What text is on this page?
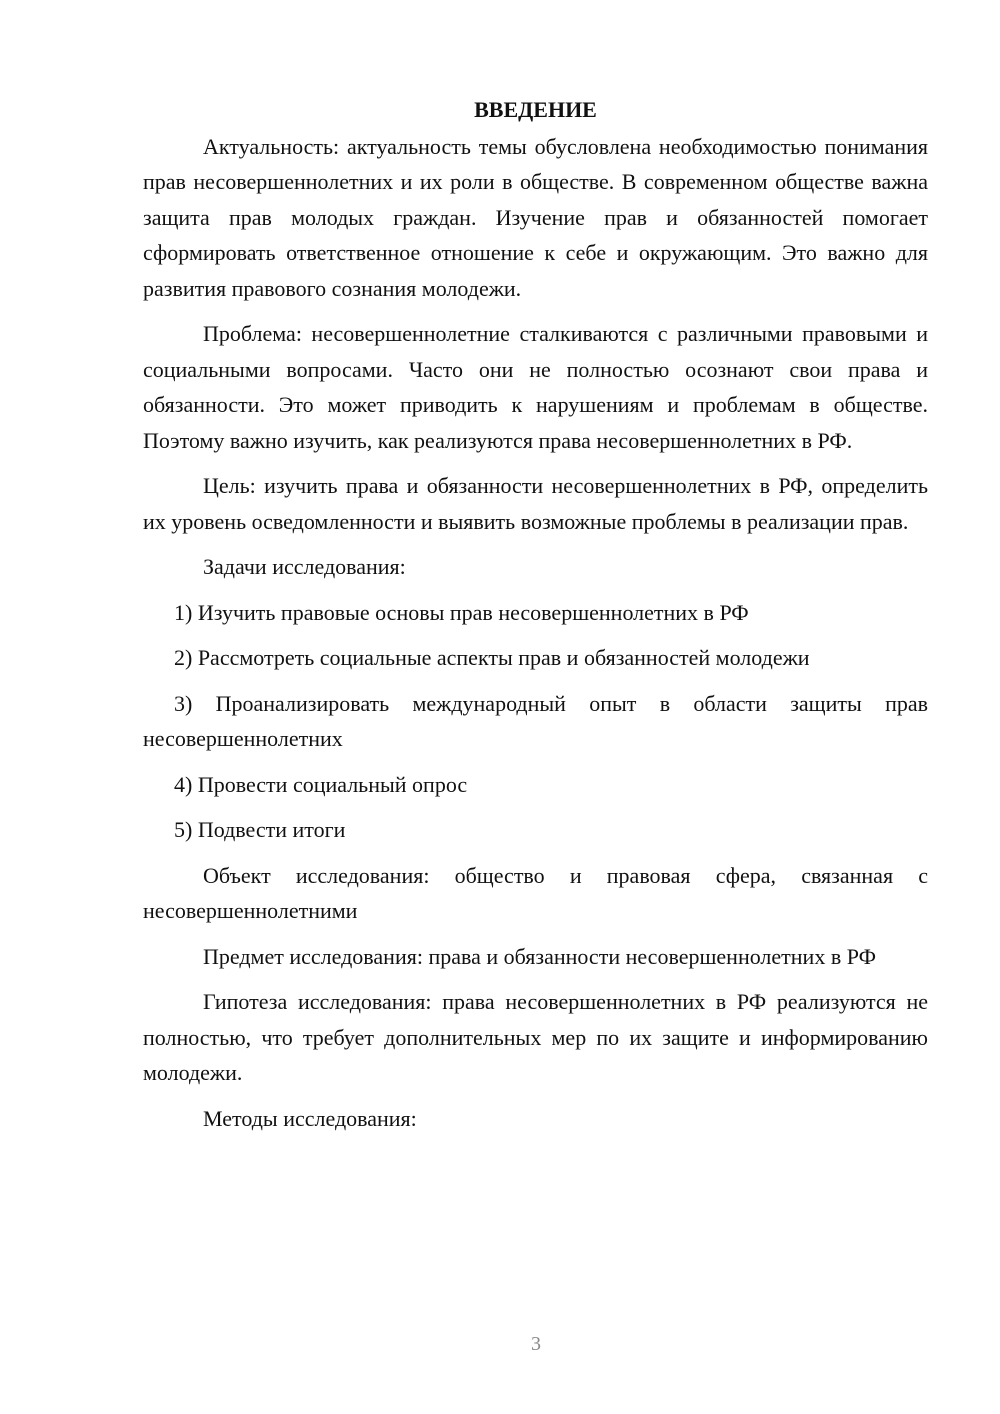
ВВЕДЕНИЕ

Актуальность: актуальность темы обусловлена необходимостью понимания прав несовершеннолетних и их роли в обществе. В современном обществе важна защита прав молодых граждан. Изучение прав и обязанностей помогает сформировать ответственное отношение к себе и окружающим. Это важно для развития правового сознания молодежи.

Проблема: несовершеннолетние сталкиваются с различными правовыми и социальными вопросами. Часто они не полностью осознают свои права и обязанности. Это может приводить к нарушениям и проблемам в обществе. Поэтому важно изучить, как реализуются права несовершеннолетних в РФ.

Цель: изучить права и обязанности несовершеннолетних в РФ, определить их уровень осведомленности и выявить возможные проблемы в реализации прав.

Задачи исследования:

1) Изучить правовые основы прав несовершеннолетних в РФ

2) Рассмотреть социальные аспекты прав и обязанностей молодежи

3) Проанализировать международный опыт в области защиты прав несовершеннолетних

4) Провести социальный опрос

5) Подвести итоги

Объект исследования: общество и правовая сфера, связанная с несовершеннолетними

Предмет исследования: права и обязанности несовершеннолетних в РФ

Гипотеза исследования: права несовершеннолетних в РФ реализуются не полностью, что требует дополнительных мер по их защите и информированию молодежи.

Методы исследования:

3
